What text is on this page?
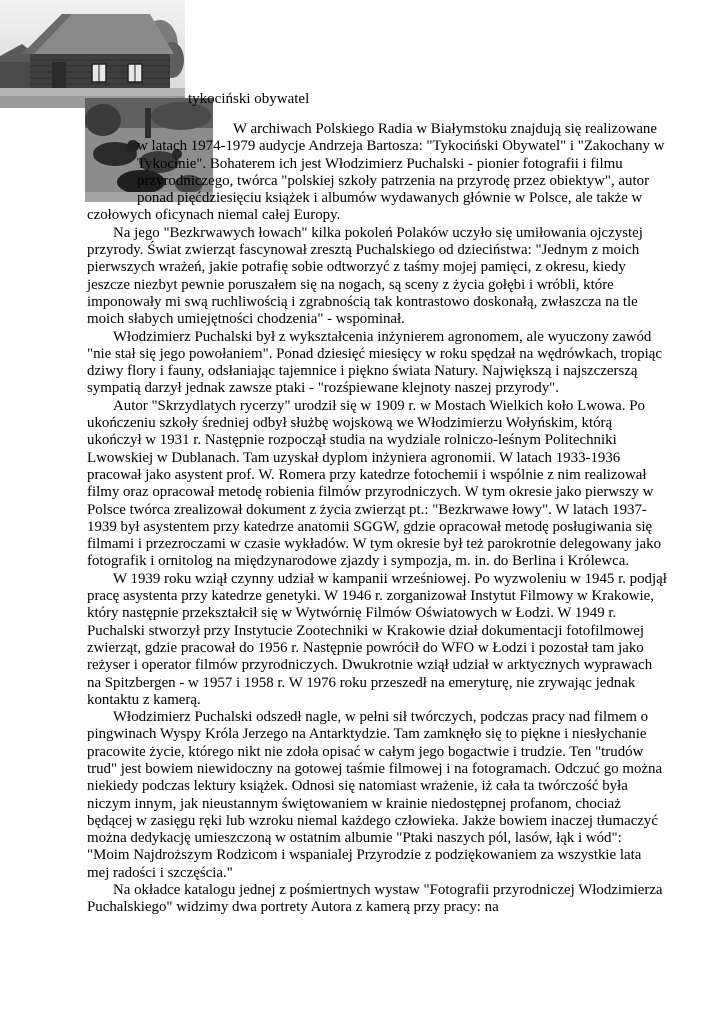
tykociński obywatel

W archiwach Polskiego Radia w Białymstoku znajdują się realizowane w latach 1974-1979 audycje Andrzeja Bartosza: "Tykociński Obywatel" i "Zakochany w Tykocinie". Bohaterem ich jest Włodzimierz Puchalski - pionier fotografii i filmu przyrodniczego, twórca "polskiej szkoły patrzenia na przyrodę przez obiektyw", autor ponad pięćdziesięciu książek i albumów wydawanych głównie w Polsce, ale także w czołowych oficynach niemal całej Europy.

Na jego "Bezkrwawych łowach" kilka pokoleń Polaków uczyło się umiłowania ojczystej przyrody. Świat zwierząt fascynował zresztą Puchalskiego od dzieciństwa: "Jednym z moich pierwszych wrażeń, jakie potrafię sobie odtworzyć z taśmy mojej pamięci, z okresu, kiedy jeszcze niezbyt pewnie poruszałem się na nogach, są sceny z życia gołębi i wróbli, które imponowały mi swą ruchliwością i zgrabnością tak kontrastowo doskonałą, zwłaszcza na tle moich słabych umiejętności chodzenia" - wspominał.

Włodzimierz Puchalski był z wykształcenia inżynierem agronomem, ale wyuczony zawód "nie stał się jego powołaniem". Ponad dziesięć miesięcy w roku spędzał na wędrówkach, tropiąc dziwy flory i fauny, odsłaniając tajemnice i piękno świata Natury. Największą i najszczerszą sympatią darzył jednak zawsze ptaki - "rozśpiewane klejnoty naszej przyrody".

Autor "Skrzydlatych rycerzy" urodził się w 1909 r. w Mostach Wielkich koło Lwowa. Po ukończeniu szkoły średniej odbył służbę wojskową we Włodzimierzu Wołyńskim, którą ukończył w 1931 r. Następnie rozpoczął studia na wydziale rolniczo-leśnym Politechniki Lwowskiej w Dublanach. Tam uzyskał dyplom inżyniera agronomii. W latach 1933-1936 pracował jako asystent prof. W. Romera przy katedrze fotochemii i wspólnie z nim realizował filmy oraz opracował metodę robienia filmów przyrodniczych. W tym okresie jako pierwszy w Polsce twórca zrealizował dokument z życia zwierząt pt.: "Bezkrwawe łowy". W latach 1937-1939 był asystentem przy katedrze anatomii SGGW, gdzie opracował metodę posługiwania się filmami i przezroczami w czasie wykładów. W tym okresie był też parokrotnie delegowany jako fotografik i ornitolog na międzynarodowe zjazdy i sympozja, m. in. do Berlina i Królewca.

W 1939 roku wziął czynny udział w kampanii wrześniowej. Po wyzwoleniu w 1945 r. podjął pracę asystenta przy katedrze genetyki. W 1946 r. zorganizował Instytut Filmowy w Krakowie, który następnie przekształcił się w Wytwórnię Filmów Oświatowych w Łodzi. W 1949 r. Puchalski stworzył przy Instytucie Zootechniki w Krakowie dział dokumentacji fotofilmowej zwierząt, gdzie pracował do 1956 r. Następnie powrócił do WFO w Łodzi i pozostał tam jako reżyser i operator filmów przyrodniczych. Dwukrotnie wziął udział w arktycznych wyprawach na Spitzbergen - w 1957 i 1958 r. W 1976 roku przeszedł na emeryturę, nie zrywając jednak kontaktu z kamerą.

Włodzimierz Puchalski odszedł nagle, w pełni sił twórczych, podczas pracy nad filmem o pingwinach Wyspy Króla Jerzego na Antarktydzie. Tam zamknęło się to piękne i niesłychanie pracowite życie, którego nikt nie zdoła opisać w całym jego bogactwie i trudzie. Ten "trudów trud" jest bowiem niewidoczny na gotowej taśmie filmowej i na fotogramach. Odczuć go można niekiedy podczas lektury książek. Odnosi się natomiast wrażenie, iż cała ta twórczość była niczym innym, jak nieustannym świętowaniem w krainie niedostępnej profanom, chociaż będącej w zasięgu ręki lub wzroku niemal każdego człowieka. Jakże bowiem inaczej tłumaczyć można dedykację umieszczoną w ostatnim albumie "Ptaki naszych pól, lasów, łąk i wód": "Moim Najdroższym Rodzicom i wspanialej Przyrodzie z podziękowaniem za wszystkie lata mej radości i szczęścia."

Na okładce katalogu jednej z pośmiertnych wystaw "Fotografii przyrodniczej Włodzimierza Puchalskiego" widzimy dwa portrety Autora z kamerą przy pracy: na
